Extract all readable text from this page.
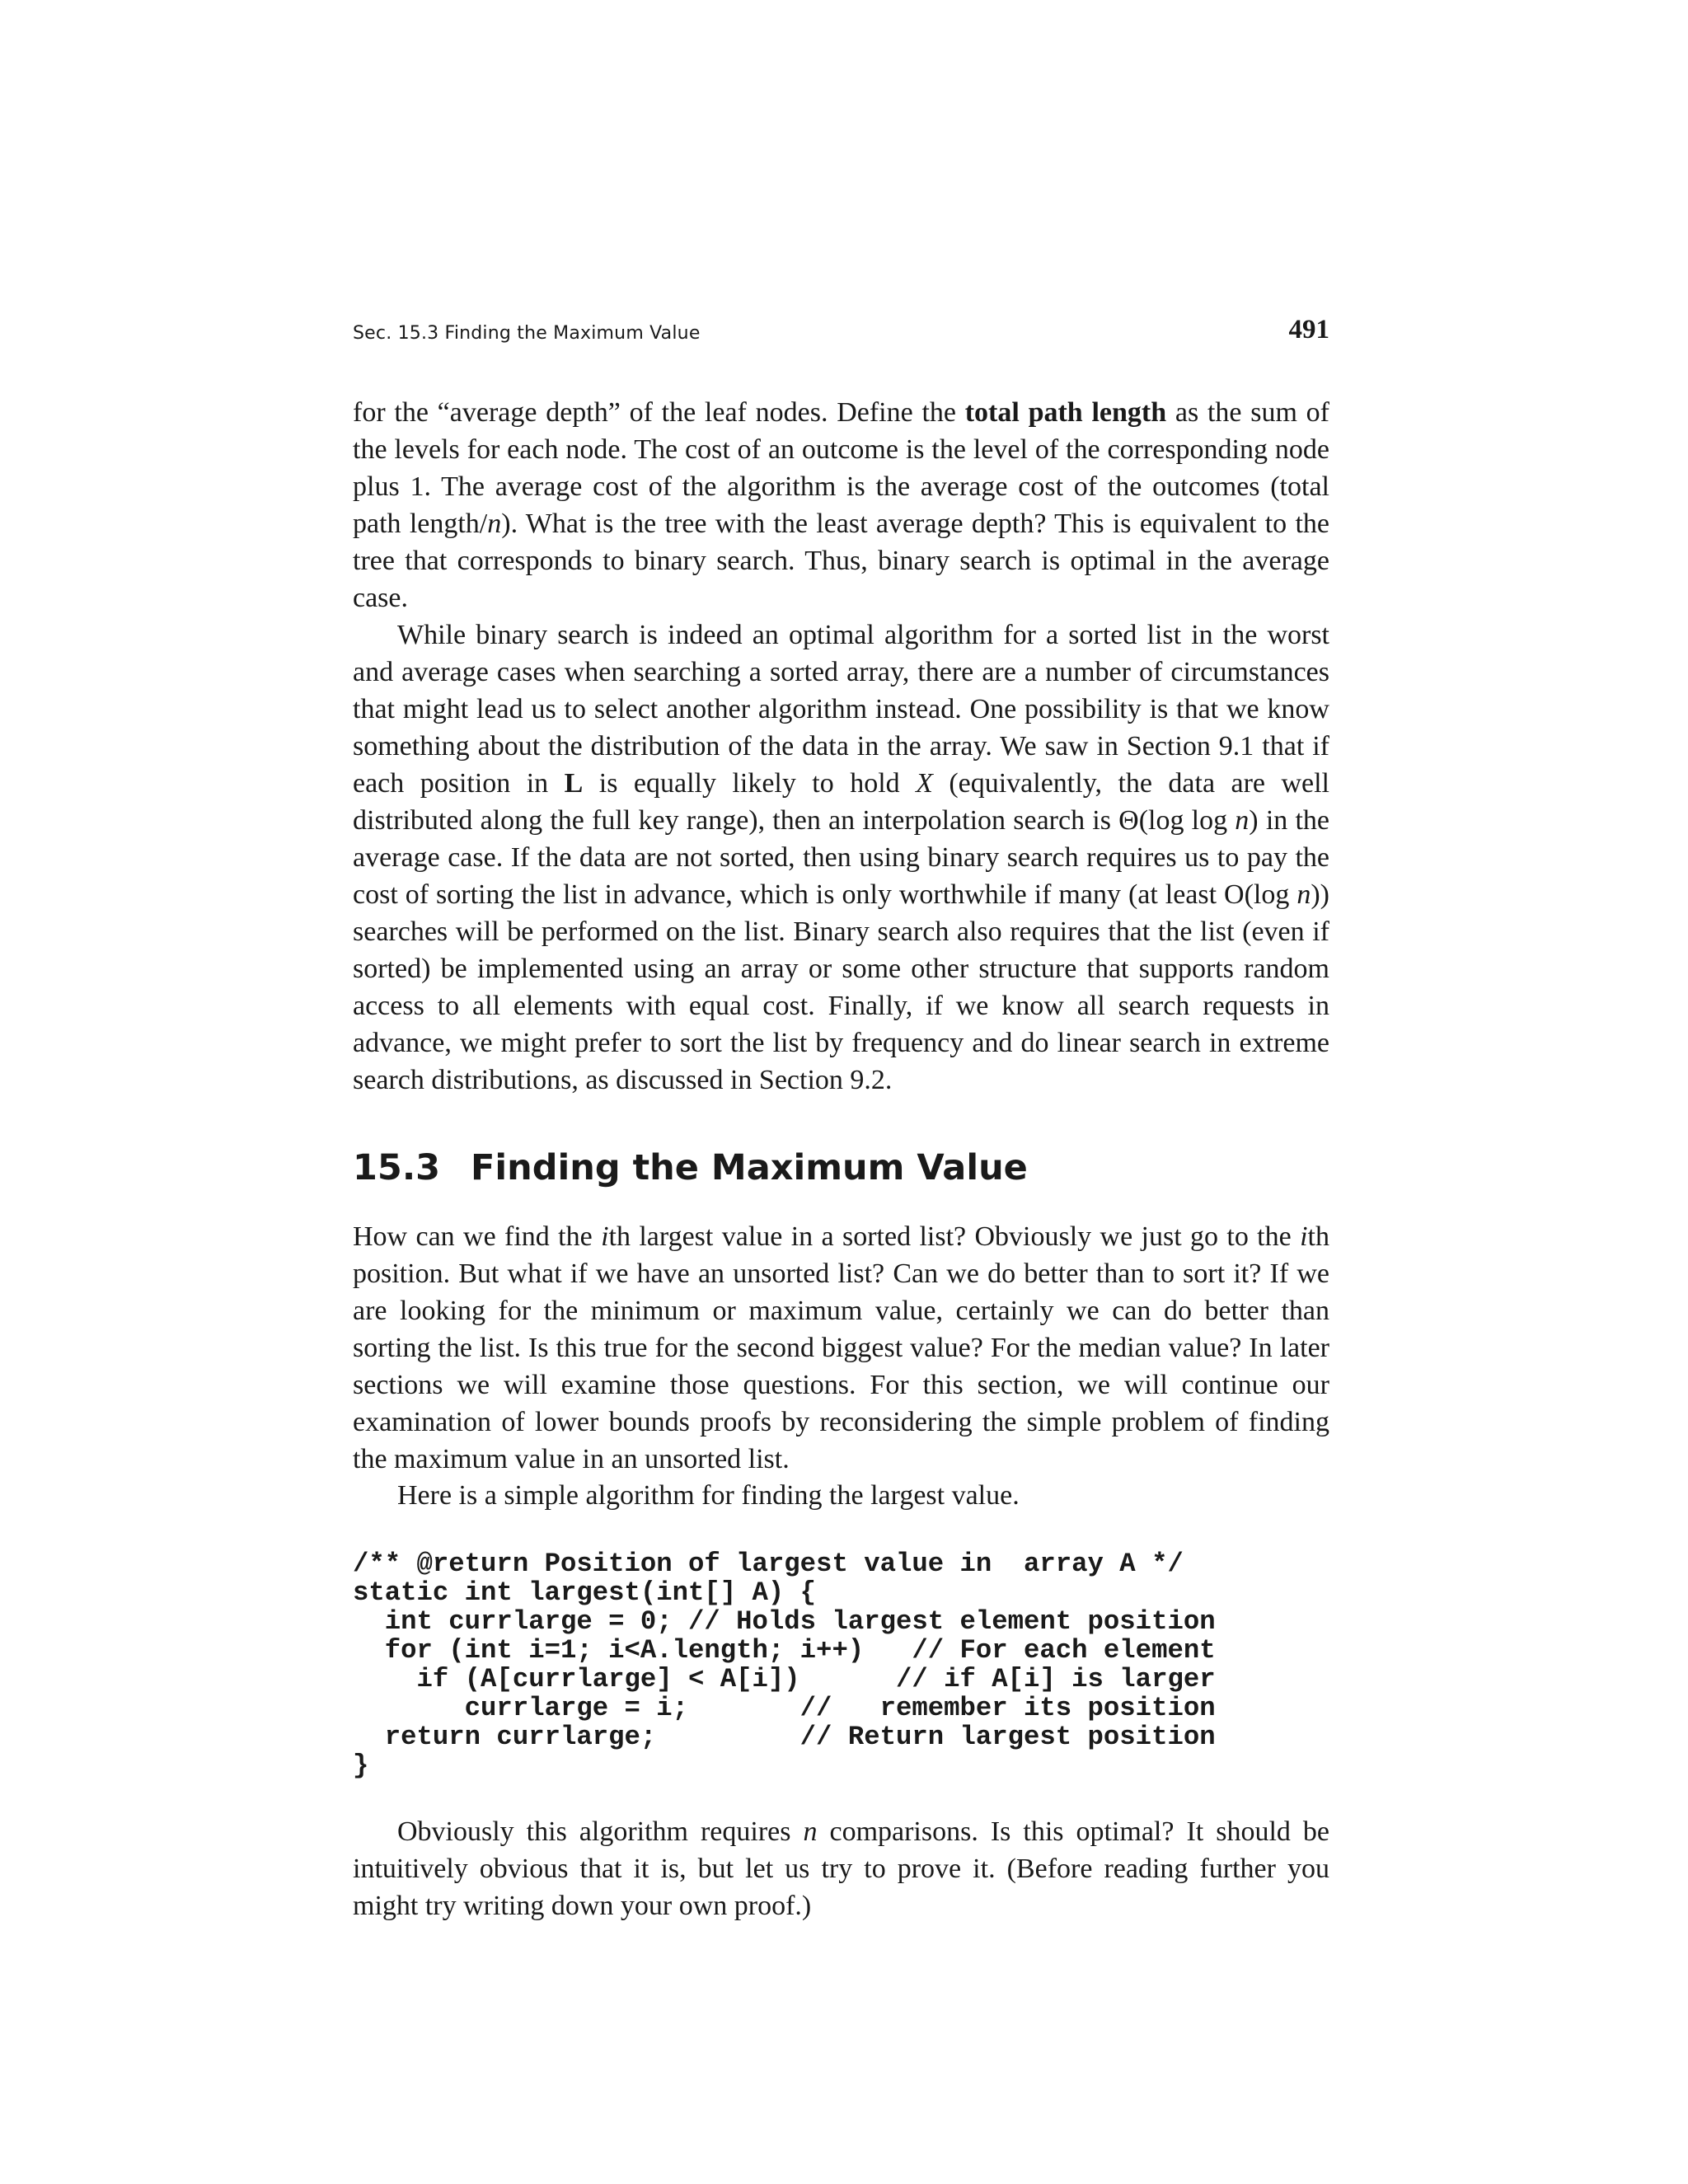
Sec. 15.3 Finding the Maximum Value	491

for the “average depth” of the leaf nodes. Define the total path length as the sum of the levels for each node. The cost of an outcome is the level of the corresponding node plus 1. The average cost of the algorithm is the average cost of the outcomes (total path length/n). What is the tree with the least average depth? This is equivalent to the tree that corresponds to binary search. Thus, binary search is optimal in the average case.

While binary search is indeed an optimal algorithm for a sorted list in the worst and average cases when searching a sorted array, there are a number of circumstances that might lead us to select another algorithm instead. One possibility is that we know something about the distribution of the data in the array. We saw in Section 9.1 that if each position in L is equally likely to hold X (equivalently, the data are well distributed along the full key range), then an interpolation search is Θ(log log n) in the average case. If the data are not sorted, then using binary search requires us to pay the cost of sorting the list in advance, which is only worthwhile if many (at least O(log n)) searches will be performed on the list. Binary search also requires that the list (even if sorted) be implemented using an array or some other structure that supports random access to all elements with equal cost. Finally, if we know all search requests in advance, we might prefer to sort the list by frequency and do linear search in extreme search distributions, as discussed in Section 9.2.

15.3 Finding the Maximum Value

How can we find the ith largest value in a sorted list? Obviously we just go to the ith position. But what if we have an unsorted list? Can we do better than to sort it? If we are looking for the minimum or maximum value, certainly we can do better than sorting the list. Is this true for the second biggest value? For the median value? In later sections we will examine those questions. For this section, we will continue our examination of lower bounds proofs by reconsidering the simple problem of finding the maximum value in an unsorted list.

Here is a simple algorithm for finding the largest value.

/** @return Position of largest value in  array A */
static int largest(int[] A) {
int currlarge = 0; // Holds largest element position
for (int i=1; i<A.length; i++)   // For each element
if (A[currlarge] < A[i])      // if A[i] is larger
currlarge = i;       //   remember its position
return currlarge;         // Return largest position
}

Obviously this algorithm requires n comparisons. Is this optimal? It should be intuitively obvious that it is, but let us try to prove it. (Before reading further you might try writing down your own proof.)
